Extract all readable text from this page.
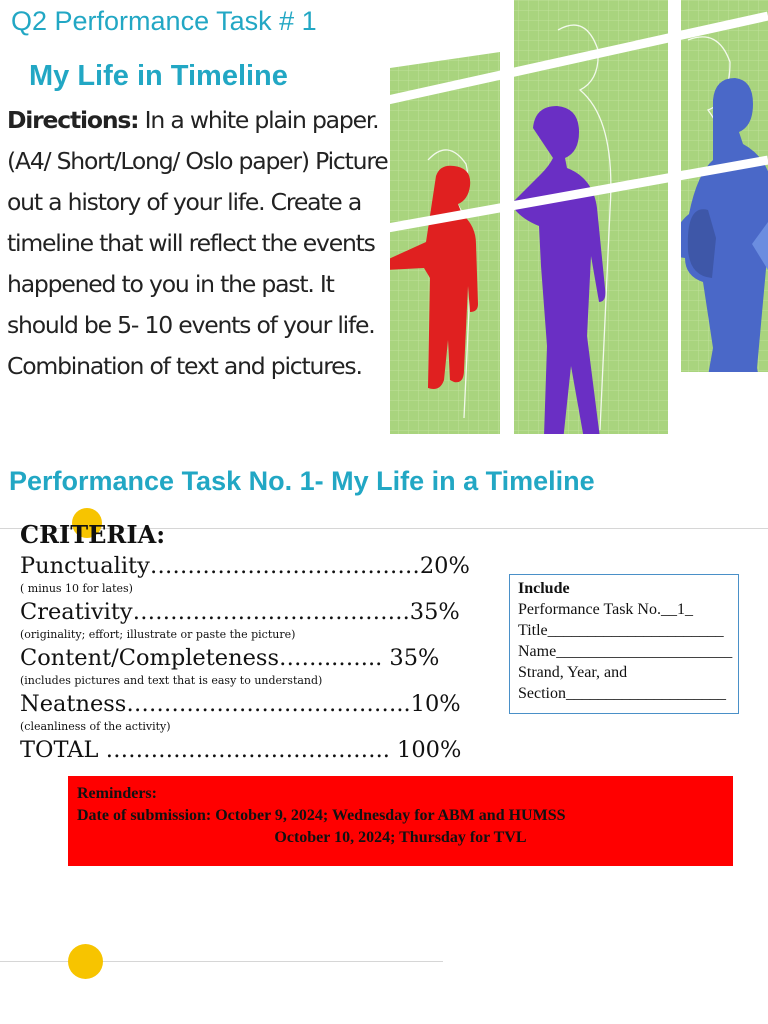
Q2 Performance Task # 1
My Life in Timeline
Directions: In a white plain paper. (A4/ Short/Long/ Oslo paper) Picture out a history of your life. Create a timeline that will reflect the events happened to you in the past. It should be 5- 10 events of your life. Combination of text and pictures.
Performance Task No. 1- My Life in a Timeline
CRITERIA:
Punctuality………………………………20%
( minus 10 for lates)
Creativity……………………………….35%
(originality; effort; illustrate or paste the picture)
Content/Completeness……..…... 35%
(includes pictures and text that is easy to understand)
Neatness………………………………..10%
(cleanliness of the activity)
TOTAL ……………………………….. 100%
Include
Performance Task No.__1_
Title______________________
Name______________________
Strand, Year, and
Section____________________
Reminders:
Date of submission: October 9, 2024; Wednesday for ABM and HUMSS
October 10, 2024; Thursday for TVL
